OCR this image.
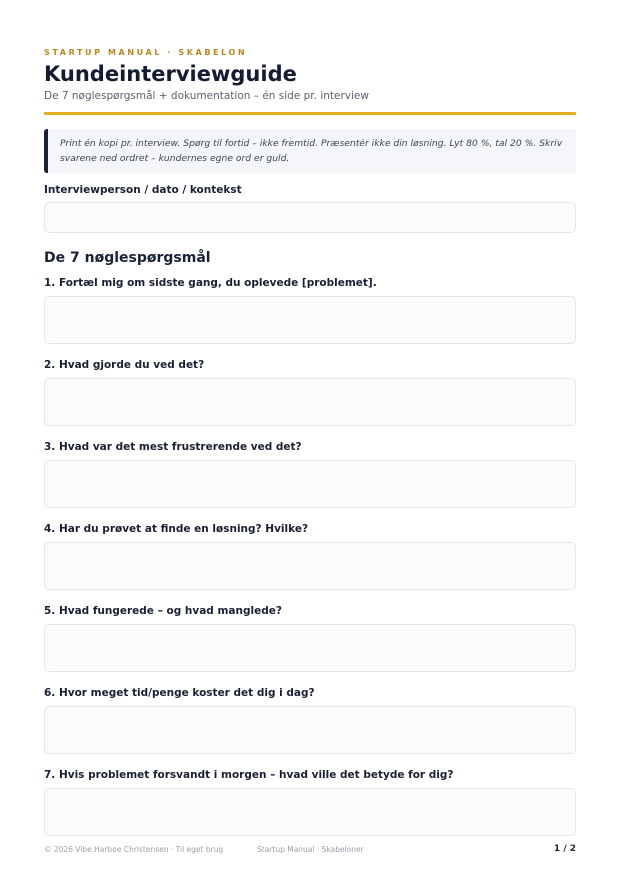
STARTUP MANUAL · SKABELON
Kundeinterviewguide
De 7 nøglespørgsmål + dokumentation – én side pr. interview
Print én kopi pr. interview. Spørg til fortid – ikke fremtid. Præsentér ikke din løsning. Lyt 80 %, tal 20 %. Skriv svarene ned ordret – kundernes egne ord er guld.
Interviewperson / dato / kontekst
De 7 nøglespørgsmål
1. Fortæl mig om sidste gang, du oplevede [problemet].
2. Hvad gjorde du ved det?
3. Hvad var det mest frustrerende ved det?
4. Har du prøvet at finde en løsning? Hvilke?
5. Hvad fungerede – og hvad manglede?
6. Hvor meget tid/penge koster det dig i dag?
7. Hvis problemet forsvandt i morgen – hvad ville det betyde for dig?
© 2026 Vibe Harboe Christensen · Til eget brug	Startup Manual · Skabeloner	1 / 2
